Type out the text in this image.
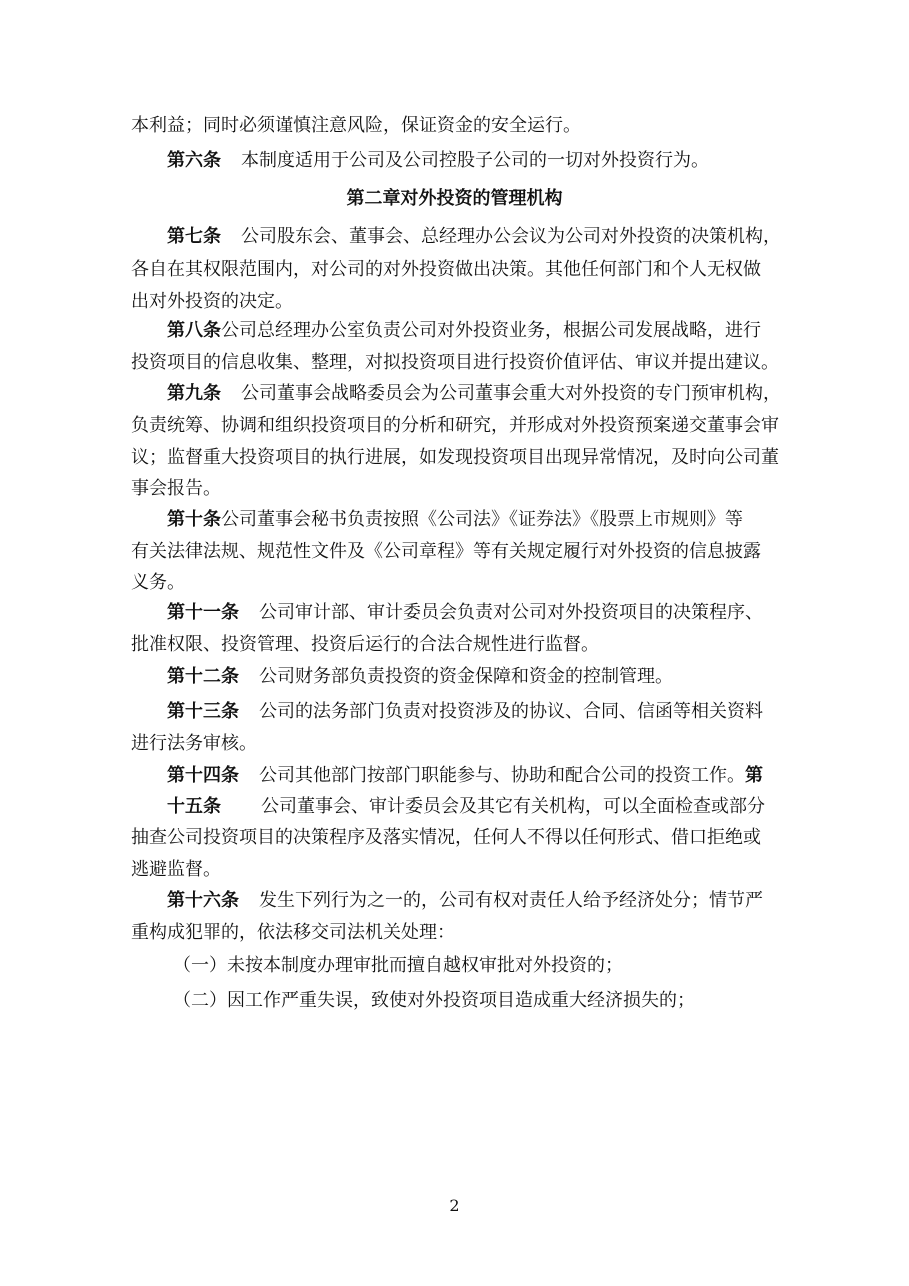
本利益；同时必须谨慎注意风险，保证资金的安全运行。
第六条 本制度适用于公司及公司控股子公司的一切对外投资行为。
第二章对外投资的管理机构
第七条 公司股东会、董事会、总经理办公会议为公司对外投资的决策机构，
各自在其权限范围内，对公司的对外投资做出决策。其他任何部门和个人无权做
出对外投资的决定。
第八条公司总经理办公室负责公司对外投资业务，根据公司发展战略，进行
投资项目的信息收集、整理，对拟投资项目进行投资价值评估、审议并提出建议。
第九条 公司董事会战略委员会为公司董事会重大对外投资的专门预审机构，
负责统筹、协调和组织投资项目的分析和研究，并形成对外投资预案递交董事会审
议；监督重大投资项目的执行进展，如发现投资项目出现异常情况，及时向公司董
事会报告。
第十条公司董事会秘书负责按照《公司法》《证券法》《股票上市规则》等
有关法律法规、规范性文件及《公司章程》等有关规定履行对外投资的信息披露
义务。
第十一条 公司审计部、审计委员会负责对公司对外投资项目的决策程序、
批准权限、投资管理、投资后运行的合法合规性进行监督。
第十二条 公司财务部负责投资的资金保障和资金的控制管理。
第十三条 公司的法务部门负责对投资涉及的协议、合同、信函等相关资料
进行法务审核。
第十四条 公司其他部门按部门职能参与、协助和配合公司的投资工作。第
十五条 公司董事会、审计委员会及其它有关机构，可以全面检查或部分
抽查公司投资项目的决策程序及落实情况，任何人不得以任何形式、借口拒绝或
逃避监督。
第十六条 发生下列行为之一的，公司有权对责任人给予经济处分；情节严
重构成犯罪的，依法移交司法机关处理：
（一）未按本制度办理审批而擅自越权审批对外投资的；
（二）因工作严重失误，致使对外投资项目造成重大经济损失的；
2
